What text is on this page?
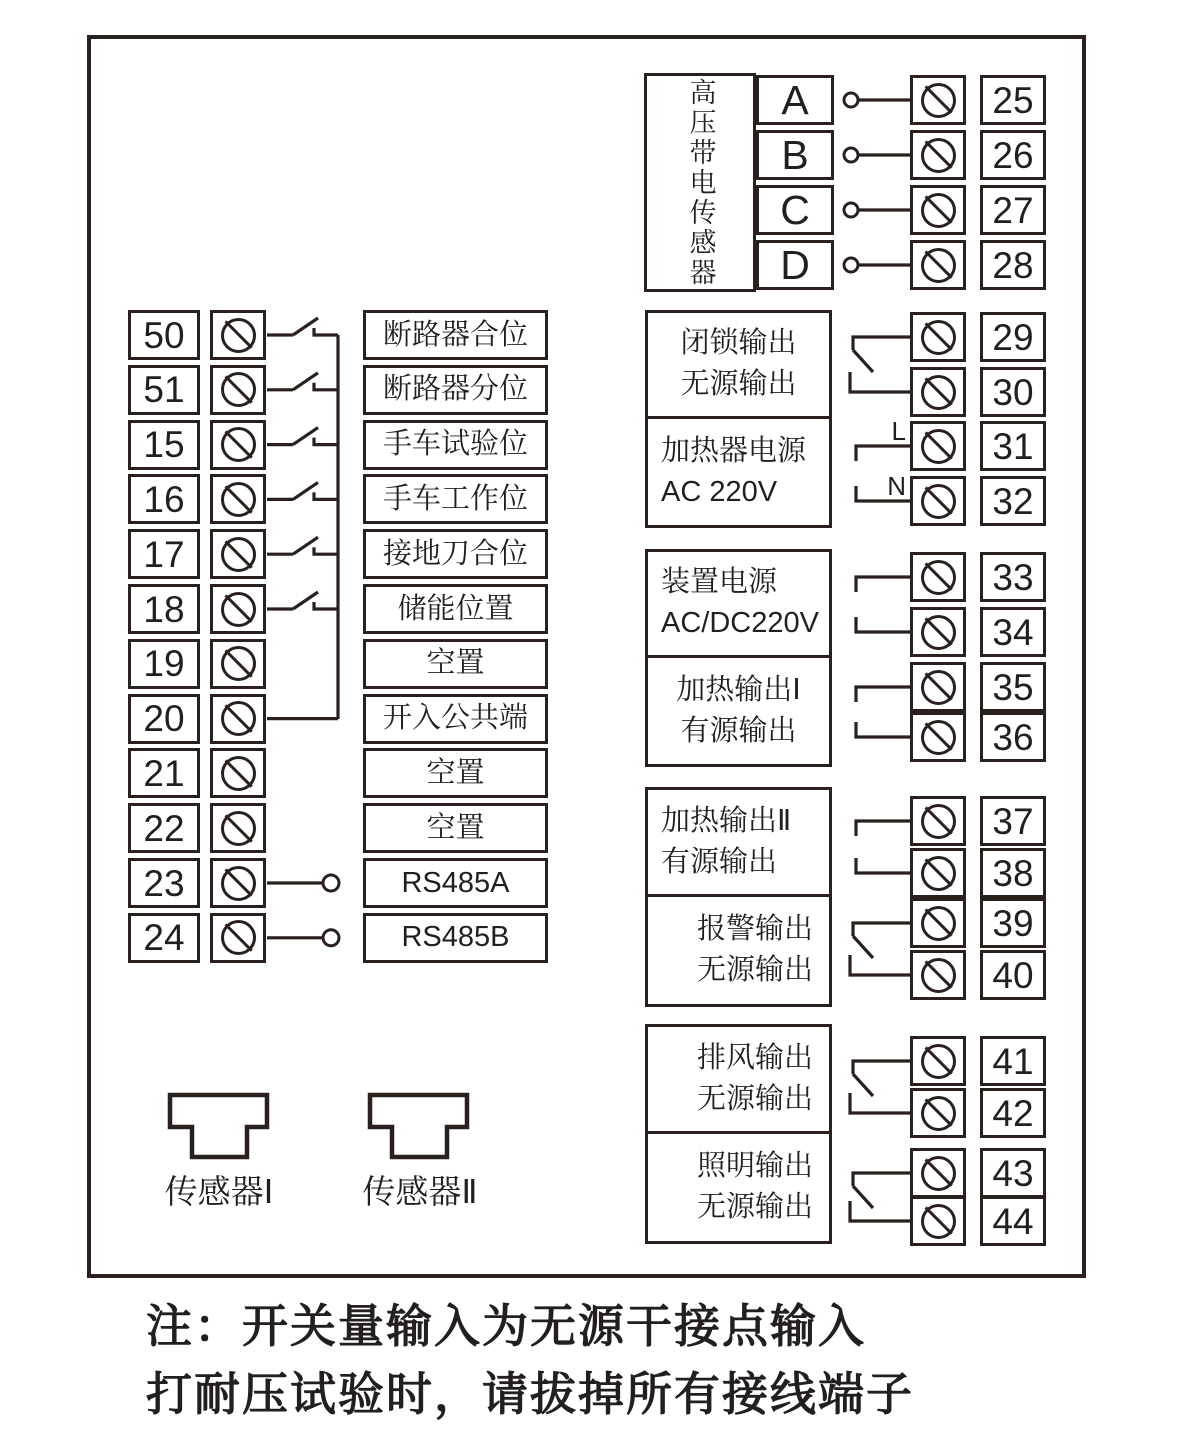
高压带电传感器
50	断路器合位
51	断路器分位
15	手车试验位
16	手车工作位
17	接地刀合位
18	储能位置
19	空置
20	开入公共端
21	空置
22	空置
23	RS485A
24	RS485B
A	25
B	26
C	27
D	28
闭锁输出
无源输出
29
30
加热器电源
AC 220V
31
32
L
N
装置电源
AC/DC220V
33
34
加热输出Ⅰ
有源输出
35
36
加热输出Ⅱ
有源输出
37
38
报警输出
无源输出
39
40
排风输出
无源输出
41
42
照明输出
无源输出
43
44
传感器Ⅰ	传感器Ⅱ
注：开关量输入为无源干接点输入
打耐压试验时，请拔掉所有接线端子
